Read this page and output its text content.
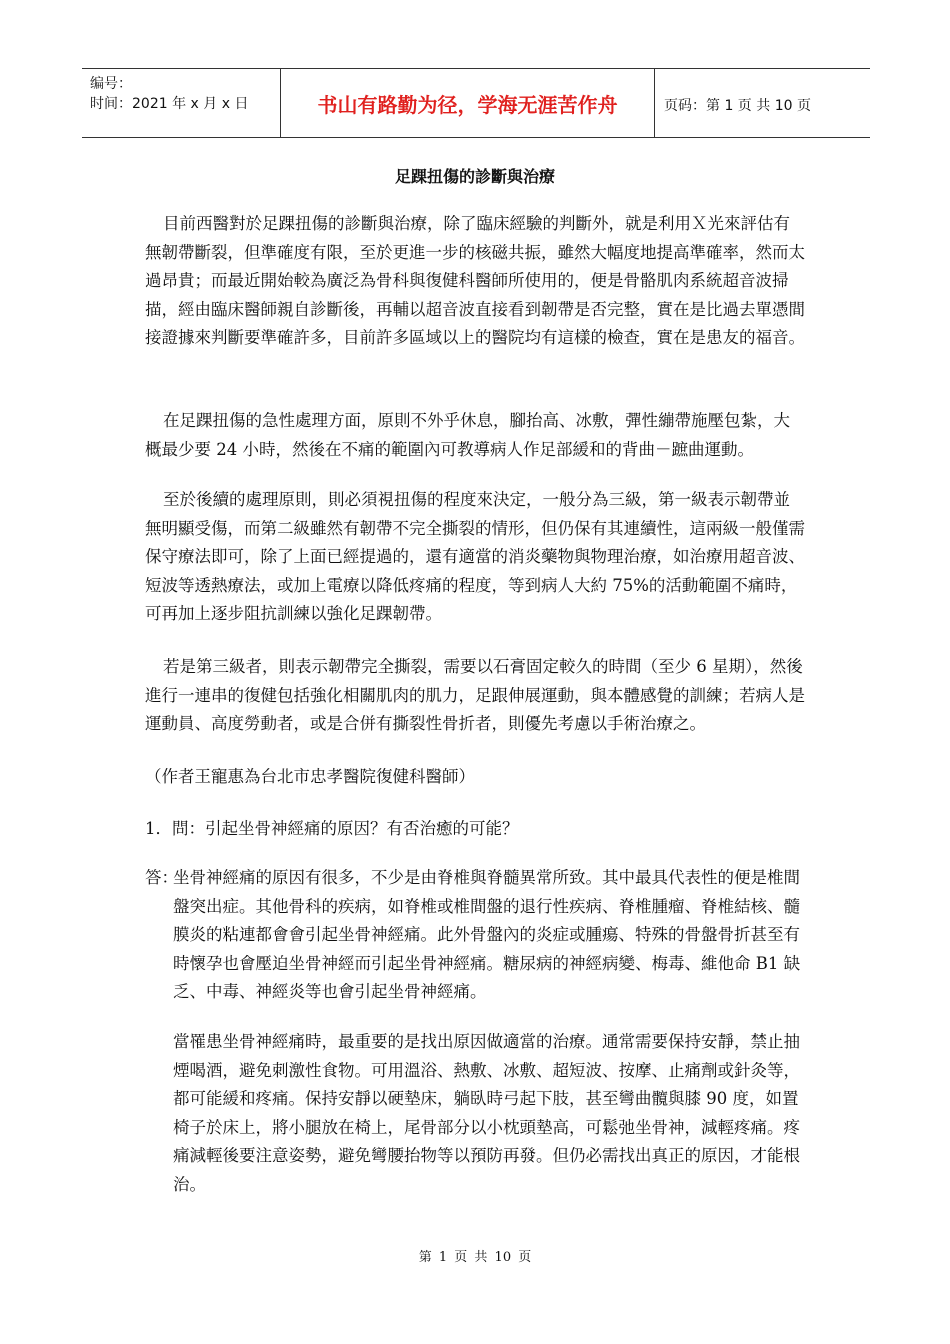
编号：
时间：2021 年 x 月 x 日	书山有路勤为径，学海无涯苦作舟	页码：第 1 页 共 10 页
足踝扭傷的診斷與治療

目前西醫對於足踝扭傷的診斷與治療，除了臨床經驗的判斷外，就是利用Ｘ光來評估有無韌帶斷裂，但準確度有限，至於更進一步的核磁共振，雖然大幅度地提高準確率，然而太過昂貴；而最近開始較為廣泛為骨科與復健科醫師所使用的，便是骨骼肌肉系統超音波掃描，經由臨床醫師親自診斷後，再輔以超音波直接看到韌帶是否完整，實在是比過去單憑間接證據來判斷要準確許多，目前許多區域以上的醫院均有這樣的檢查，實在是患友的福音。

在足踝扭傷的急性處理方面，原則不外乎休息，腳抬高、冰敷，彈性繃帶施壓包紮，大概最少要 24 小時，然後在不痛的範圍內可教導病人作足部緩和的背曲－蹠曲運動。

至於後續的處理原則，則必須視扭傷的程度來決定，一般分為三級，第一級表示韌帶並無明顯受傷，而第二級雖然有韌帶不完全撕裂的情形，但仍保有其連續性，這兩級一般僅需保守療法即可，除了上面已經提過的，還有適當的消炎藥物與物理治療，如治療用超音波、短波等透熱療法，或加上電療以降低疼痛的程度，等到病人大約 75%的活動範圍不痛時，可再加上逐步阻抗訓練以強化足踝韌帶。

若是第三級者，則表示韌帶完全撕裂，需要以石膏固定較久的時間（至少 6 星期），然後進行一連串的復健包括強化相關肌肉的肌力，足跟伸展運動，與本體感覺的訓練；若病人是運動員、高度勞動者，或是合併有撕裂性骨折者，則優先考慮以手術治療之。

（作者王寵惠為台北市忠孝醫院復健科醫師）

1．問：引起坐骨神經痛的原因？有否治癒的可能？

答：
坐骨神經痛的原因有很多，不少是由脊椎與脊髓異常所致。其中最具代表性的便是椎間盤突出症。其他骨科的疾病，如脊椎或椎間盤的退行性疾病、脊椎腫瘤、脊椎結核、髓膜炎的粘連都會會引起坐骨神經痛。此外骨盤內的炎症或腫瘍、特殊的骨盤骨折甚至有時懷孕也會壓迫坐骨神經而引起坐骨神經痛。糖尿病的神經病變、梅毒、維他命 B1 缺乏、中毒、神經炎等也會引起坐骨神經痛。
當罹患坐骨神經痛時，最重要的是找出原因做適當的治療。通常需要保持安靜，禁止抽煙喝酒，避免刺激性食物。可用溫浴、熱敷、冰敷、超短波、按摩、止痛劑或針灸等，都可能緩和疼痛。保持安靜以硬墊床，躺臥時弓起下肢，甚至彎曲髖與膝 90 度，如置椅子於床上，將小腿放在椅上，尾骨部分以小枕頭墊高，可鬆弛坐骨神，減輕疼痛。疼痛減輕後要注意姿勢，避免彎腰抬物等以預防再發。但仍必需找出真正的原因，才能根治。
第 1 页 共 10 页
